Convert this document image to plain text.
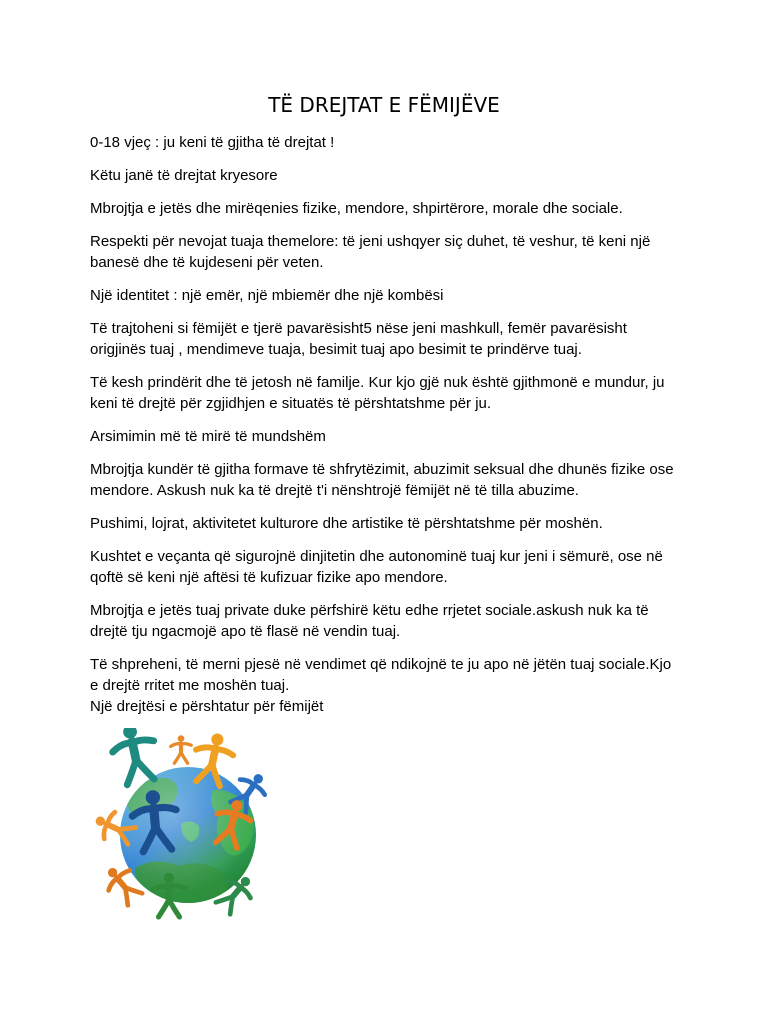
TË DREJTAT E FËMIJËVE

0-18 vjeç : ju keni të gjitha të drejtat !

Këtu janë të drejtat kryesore

Mbrojtja e jetës dhe mirëqenies fizike, mendore, shpirtërore, morale dhe sociale.

Respekti për nevojat tuaja themelore: të jeni ushqyer siç duhet, të veshur, të keni një
banesë dhe të kujdeseni për veten.

Një identitet : një emër, një mbiemër dhe një kombësi

Të trajtoheni si fëmijët e tjerë pavarësisht5 nëse jeni mashkull, femër pavarësisht
origjinës tuaj , mendimeve tuaja, besimit tuaj apo besimit te prindërve tuaj.

Të kesh prindërit dhe të jetosh në familje. Kur kjo gjë nuk është gjithmonë e mundur, ju
keni të drejtë për zgjidhjen e situatës të përshtatshme për ju.

Arsimimin më të mirë të mundshëm

Mbrojtja kundër të gjitha formave të shfrytëzimit, abuzimit seksual dhe dhunës fizike ose
mendore. Askush nuk ka të drejtë t'i nënshtrojë fëmijët në të tilla abuzime.

Pushimi, lojrat, aktivitetet kulturore dhe artistike të përshtatshme për moshën.

Kushtet e veçanta që sigurojnë dinjitetin dhe autonominë tuaj kur jeni i sëmurë, ose në
qoftë së keni një aftësi të kufizuar fizike apo mendore.

Mbrojtja e jetës tuaj private duke përfshirë këtu edhe rrjetet sociale.askush nuk ka të
drejtë tju ngacmojë apo të flasë në vendin tuaj.

Të shpreheni, të merni pjesë në vendimet që ndikojnë te ju apo në jëtën tuaj sociale.Kjo
e drejtë rritet me moshën tuaj.
Një drejtësi e përshtatur për fëmijët
